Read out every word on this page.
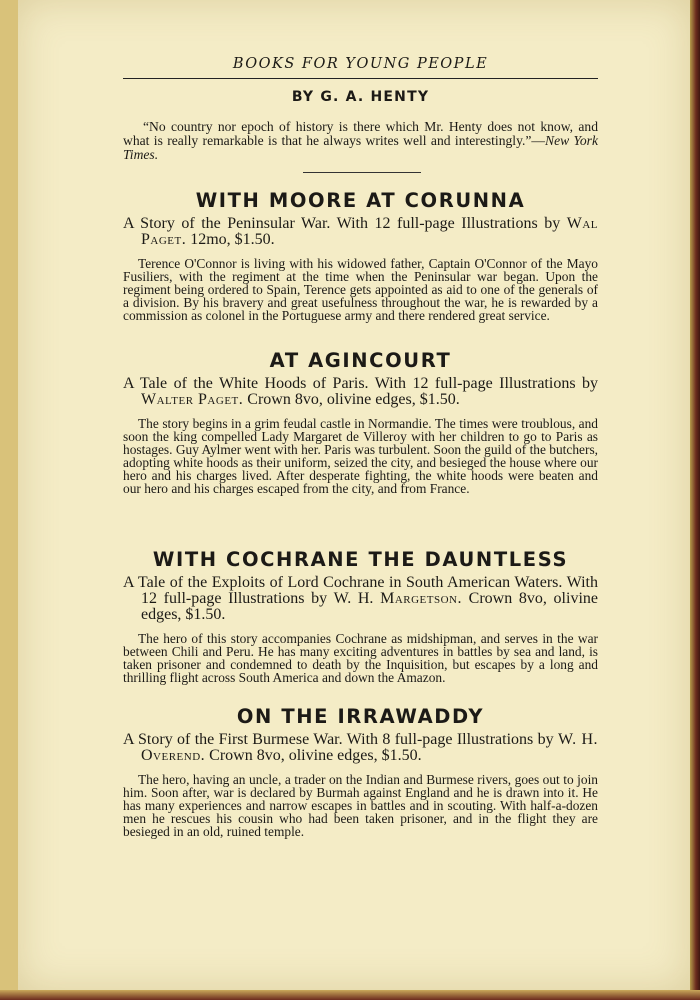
BOOKS FOR YOUNG PEOPLE
BY G. A. HENTY

“No country nor epoch of history is there which Mr. Henty does not know, and what is really remarkable is that he always writes well and interestingly.”—New York Times.

WITH MOORE AT CORUNNA

A Story of the Peninsular War. With 12 full-page Illustrations by Wal Paget. 12mo, $1.50.

Terence O'Connor is living with his widowed father, Captain O'Connor of the Mayo Fusiliers, with the regiment at the time when the Peninsular war began. Upon the regiment being ordered to Spain, Terence gets appointed as aid to one of the generals of a division. By his bravery and great usefulness throughout the war, he is rewarded by a commission as colonel in the Portuguese army and there rendered great service.

AT AGINCOURT

A Tale of the White Hoods of Paris. With 12 full-page Illustrations by Walter Paget. Crown 8vo, olivine edges, $1.50.

The story begins in a grim feudal castle in Normandie. The times were troublous, and soon the king compelled Lady Margaret de Villeroy with her children to go to Paris as hostages. Guy Aylmer went with her. Paris was turbulent. Soon the guild of the butchers, adopting white hoods as their uniform, seized the city, and besieged the house where our hero and his charges lived. After desperate fighting, the white hoods were beaten and our hero and his charges escaped from the city, and from France.

WITH COCHRANE THE DAUNTLESS

A Tale of the Exploits of Lord Cochrane in South American Waters. With 12 full-page Illustrations by W. H. Margetson. Crown 8vo, olivine edges, $1.50.

The hero of this story accompanies Cochrane as midshipman, and serves in the war between Chili and Peru. He has many exciting adventures in battles by sea and land, is taken prisoner and condemned to death by the Inquisition, but escapes by a long and thrilling flight across South America and down the Amazon.

ON THE IRRAWADDY

A Story of the First Burmese War. With 8 full-page Illustrations by W. H. Overend. Crown 8vo, olivine edges, $1.50.

The hero, having an uncle, a trader on the Indian and Burmese rivers, goes out to join him. Soon after, war is declared by Burmah against England and he is drawn into it. He has many experiences and narrow escapes in battles and in scouting. With half-a-dozen men he rescues his cousin who had been taken prisoner, and in the flight they are besieged in an old, ruined temple.
